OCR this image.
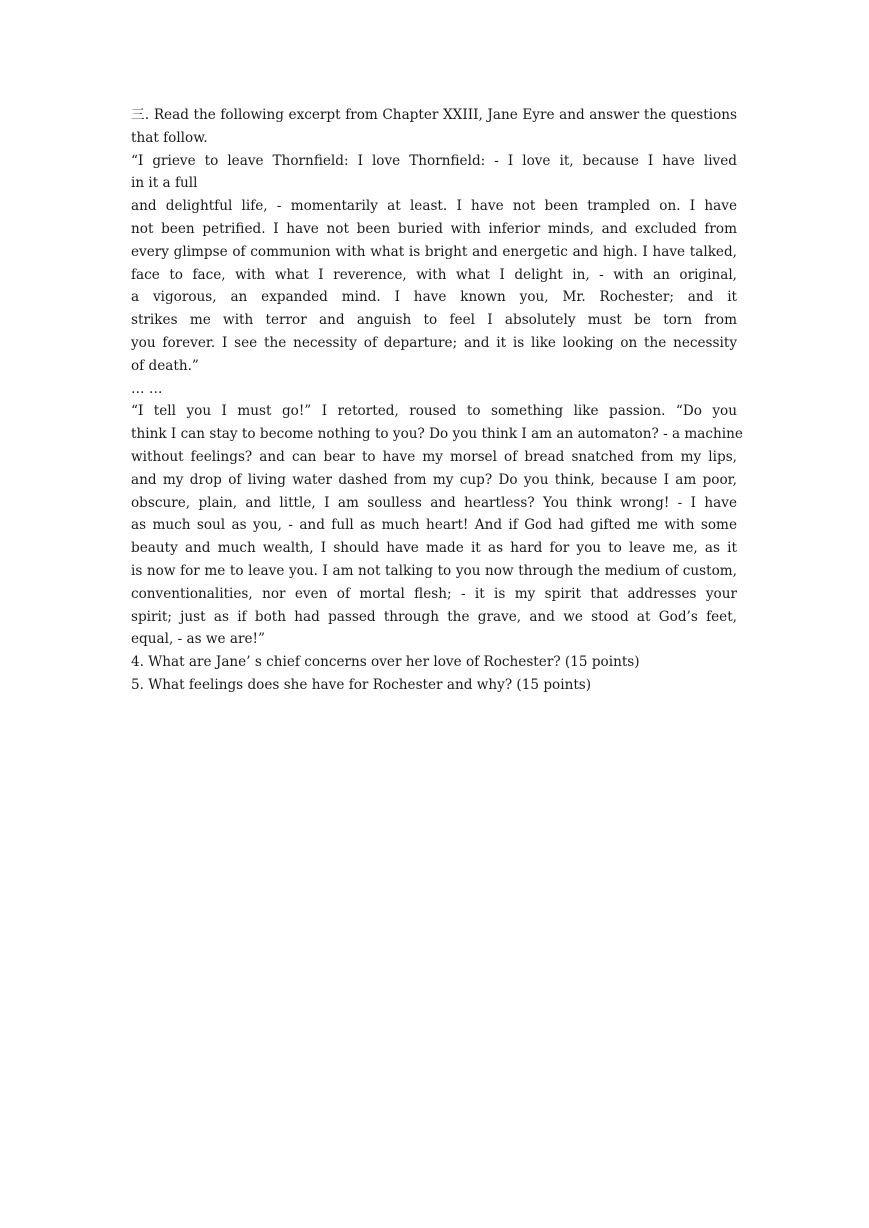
三. Read the following excerpt from Chapter XXIII, Jane Eyre and answer the questions
that follow.
“I grieve to leave Thornfield: I love Thornfield: - I love it, because I have lived
in it a full
and delightful life, - momentarily at least. I have not been trampled on. I have
not been petrified. I have not been buried with inferior minds, and excluded from
every glimpse of communion with what is bright and energetic and high. I have talked,
face to face, with what I reverence, with what I delight in, - with an original,
a vigorous, an expanded mind. I have known you, Mr. Rochester; and it
strikes me with terror and anguish to feel I absolutely must be torn from
you forever. I see the necessity of departure; and it is like looking on the necessity
of death.”
… …
“I tell you I must go!” I retorted, roused to something like passion. “Do you
think I can stay to become nothing to you? Do you think I am an automaton? - a machine
without feelings? and can bear to have my morsel of bread snatched from my lips,
and my drop of living water dashed from my cup? Do you think, because I am poor,
obscure, plain, and little, I am soulless and heartless? You think wrong! - I have
as much soul as you, - and full as much heart! And if God had gifted me with some
beauty and much wealth, I should have made it as hard for you to leave me, as it
is now for me to leave you. I am not talking to you now through the medium of custom,
conventionalities, nor even of mortal flesh; - it is my spirit that addresses your
spirit; just as if both had passed through the grave, and we stood at God’s feet,
equal, - as we are!”
4. What are Jane’ s chief concerns over her love of Rochester? (15 points)
5. What feelings does she have for Rochester and why? (15 points)
